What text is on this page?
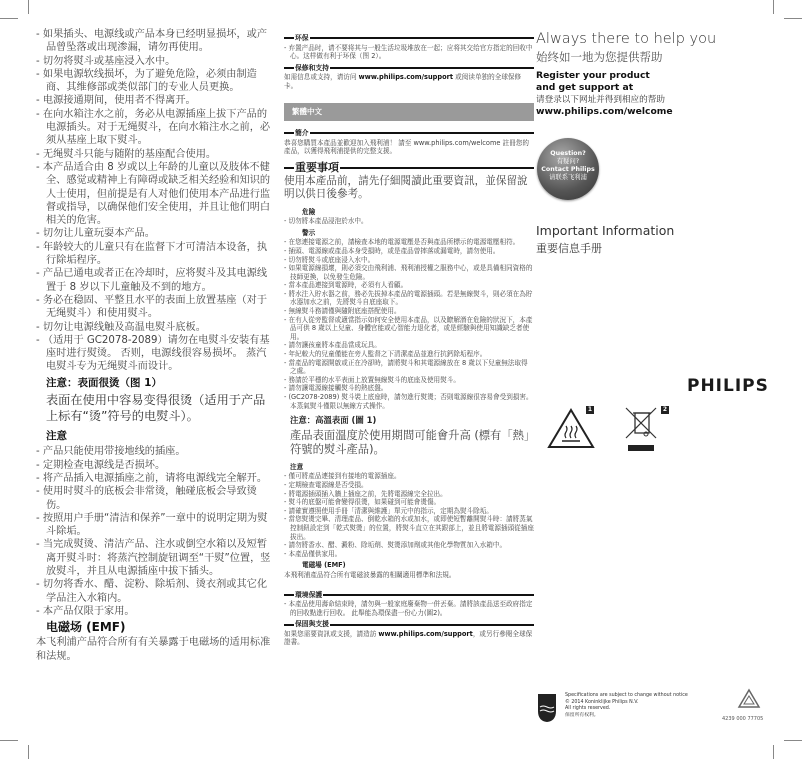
- 如果插头、电源线或产品本身已经明显损坏，或产品曾坠落或出现渗漏，请勿再使用。
- 切勿将熨斗或基座浸入水中。
- 如果电源软线损坏，为了避免危险，必须由制造商、其维修部或类似部门的专业人员更换。
- 电源接通期间，使用者不得离开。
- 在向水箱注水之前，务必从电源插座上拔下产品的电源插头。对于无绳熨斗，在向水箱注水之前，必须从基座上取下熨斗。
- 无绳熨斗只能与随附的基座配合使用。
- 本产品适合由 8 岁或以上年龄的儿童以及肢体不健全、感觉或精神上有障碍或缺乏相关经验和知识的人士使用，但前提是有人对他们使用本产品进行监督或指导，以确保他们安全使用，并且让他们明白相关的危害。
- 切勿让儿童玩耍本产品。
- 年龄较大的儿童只有在监督下才可清洁本设备，执行除垢程序。
- 产品已通电或者正在冷却时，应将熨斗及其电源线置于 8 岁以下儿童触及不到的地方。
- 务必在稳固、平整且水平的表面上放置基座（对于无绳熨斗）和使用熨斗。
- 切勿让电源线触及高温电熨斗底板。
- （适用于 GC2078-2089）请勿在电熨斗安装有基座时进行熨烫。 否则，电源线很容易损坏。 蒸汽电熨斗专为无绳熨斗而设计。
注意：表面很烫（图 1）
表面在使用中容易变得很烫（适用于产品上标有“烫”符号的电熨斗）。
注意
- 产品只能使用带接地线的插座。
- 定期检查电源线是否损坏。
- 将产品插入电源插座之前，请将电源线完全解开。
- 使用时熨斗的底板会非常烫，触碰底板会导致烫伤。
- 按照用户手册“清洁和保养”一章中的说明定期为熨斗除垢。
- 当完成熨烫、清洁产品、注水或倒空水箱以及短暂离开熨斗时：将蒸汽控制旋钮调至“干熨”位置，竖放熨斗，并且从电源插座中拔下插头。
- 切勿将香水、醋、淀粉、除垢剂、烫衣剂或其它化学品注入水箱内。
- 本产品仅限于家用。
电磁场 (EMF)
本飞利浦产品符合所有有关暴露于电磁场的适用标准和法规。
环保
- 弃置产品时，请不要将其与一般生活垃圾堆放在一起；应将其交给官方指定的回收中心。这样做有利于环保（图 2）。
保修和支持
如需信息或支持，请访问 www.philips.com/support 或阅读单独的全球保修卡。
繁體中文
簡介
恭喜您購買本產品並歡迎加入飛利浦！ 請至 www.philips.com/welcome 註冊您的產品，以獲得飛利浦提供的完整支援。
重要事項
使用本產品前，請先仔細閱讀此重要資訊，並保留說明以供日後參考。
危險
- 切勿將本產品浸泡於水中。
警示
- 在您連接電源之前，請檢查本地的電源電壓是否與產品所標示的電源電壓相符。
- 插頭、電源線或產品本身受損時，或是產品曾摔落或漏電時，請勿使用。
- 切勿將熨斗或底座浸入水中。
- 如果電源線損壞，則必須交由飛利浦、飛利浦授權之服務中心，或是具備相同資格的技師更換，以免發生危險。
- 當本產品連接到電源時，必須有人看顧。
- 將水注入貯水器之前，務必先拔掉本產品的電源插頭。若是無線熨斗，則必須在為貯水器加水之前，先將熨斗自底座取下。
- 無線熨斗務請僅與隨附底座搭配使用。
- 在有人從旁監督或適當指示如何安全使用本產品，以及瞭解潛在危險的狀況下，本產品可供 8 歲以上兒童、身體官能或心智能力退化者，或是經驗與使用知識缺乏者使用。
- 請勿讓孩童將本產品當成玩具。
- 年紀較大的兒童僅能在旁人監督之下清潔產品並進行抗鈣除垢程序。
- 當產品的電源開啟或正在冷卻時，請將熨斗和其電源線放在 8 歲以下兒童無法取得之處。
- 務請於平穩的水平表面上放置無線熨斗的底座及使用熨斗。
- 請勿讓電源線接觸熨斗的熱底盤。
- (GC2078-2089) 熨斗裝上底座時，請勿進行熨燙；否則電源線很容易會受到損害。本蒸氣熨斗僅限以無線方式操作。
注意：高溫表面 (圖 1)
產品表面溫度於使用期間可能會升高 (標有「熱」符號的熨斗產品)。
注意
- 僅可將產品連接到有接地的電源插座。
- 定期檢查電源線是否受損。
- 將電源插頭插入牆上插座之前，先將電源線完全拉出。
- 熨斗的底盤可能會變得很燙，如果碰到可能會燙傷。
- 請確實遵照使用手冊「清潔與維護」單元中的指示，定期為熨斗除垢。
- 當您熨燙完畢、清理產品、倒乾水箱的水或加水，或即使短暫離開熨斗時：請將蒸氣控制鈕設定到「乾式熨燙」的位置，將熨斗直立在其跟部上，並且將電源插頭從插座拔出。
- 請勿將香水、醋、澱粉、除垢劑、熨燙添加劑或其他化學物質加入水箱中。
- 本產品僅供家用。
電磁場 (EMF)
本飛利浦產品符合所有電磁波暴露的相關適用標準和法規。
環境保護
- 本產品使用壽命結束時，請勿與一般家庭廢棄物一併丟棄。請將該產品送至政府指定的回收點進行回收。 此舉能為環保盡一份心力(圖2)。
保固與支援
如果您需要資訊或支援，請造訪 www.philips.com/support，或另行參閱全球保證書。
Always there to help you
始终如一地为您提供帮助
Register your product
and get support at
请登录以下网址并得到相应的帮助
www.philips.com/welcome
Question?
有疑问?
Contact Philips
请联系飞利浦
Important Information
重要信息手册
PHILIPS
1	2
Specifications are subject to change without notice
© 2014 Koninklijke Philips N.V.
All rights reserved.
保留所有权利。
4239 000 77705
